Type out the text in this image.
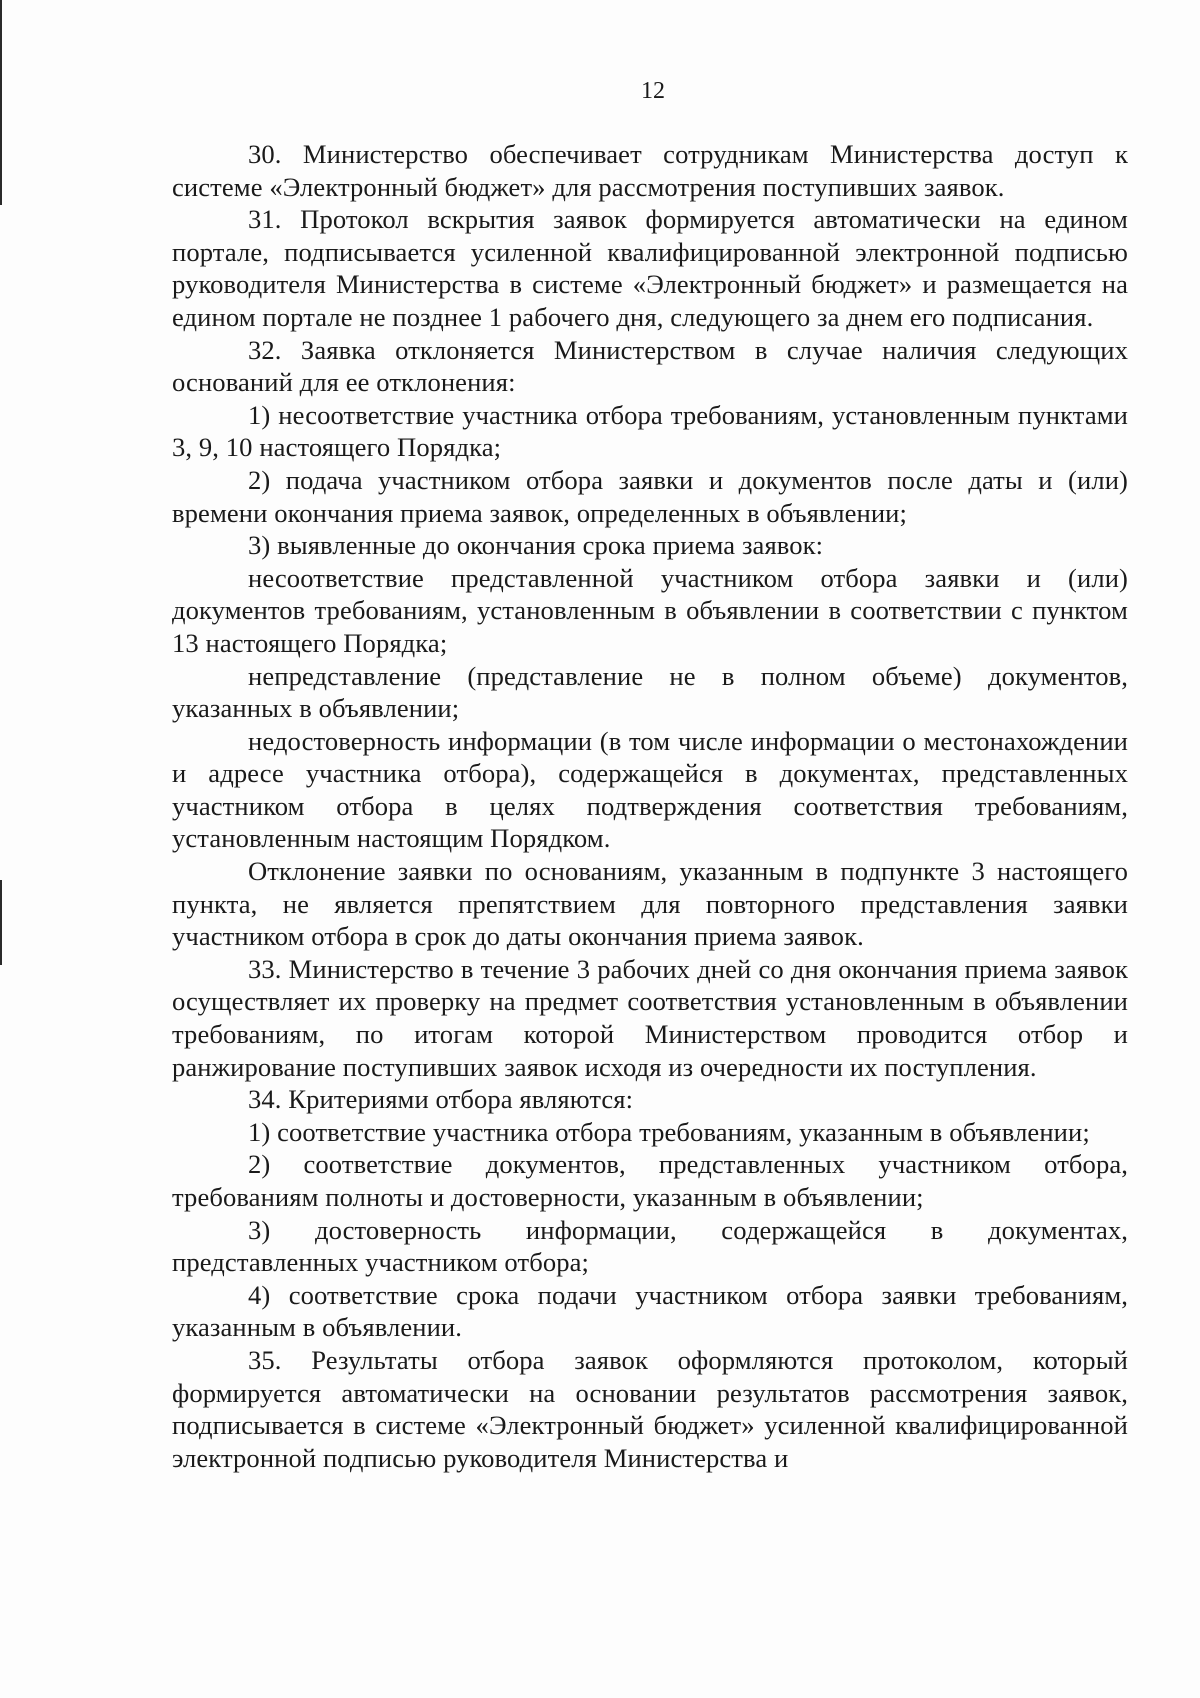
12

30. Министерство обеспечивает сотрудникам Министерства доступ к системе «Электронный бюджет» для рассмотрения поступивших заявок.

31. Протокол вскрытия заявок формируется автоматически на едином портале, подписывается усиленной квалифицированной электронной подписью руководителя Министерства в системе «Электронный бюджет» и размещается на едином портале не позднее 1 рабочего дня, следующего за днем его подписания.

32. Заявка отклоняется Министерством в случае наличия следующих оснований для ее отклонения:

1) несоответствие участника отбора требованиям, установленным пунктами 3, 9, 10 настоящего Порядка;

2) подача участником отбора заявки и документов после даты и (или) времени окончания приема заявок, определенных в объявлении;

3) выявленные до окончания срока приема заявок:

несоответствие представленной участником отбора заявки и (или) документов требованиям, установленным в объявлении в соответствии с пунктом 13 настоящего Порядка;

непредставление (представление не в полном объеме) документов, указанных в объявлении;

недостоверность информации (в том числе информации о местонахождении и адресе участника отбора), содержащейся в документах, представленных участником отбора в целях подтверждения соответствия требованиям, установленным настоящим Порядком.

Отклонение заявки по основаниям, указанным в подпункте 3 настоящего пункта, не является препятствием для повторного представления заявки участником отбора в срок до даты окончания приема заявок.

33. Министерство в течение 3 рабочих дней со дня окончания приема заявок осуществляет их проверку на предмет соответствия установленным в объявлении требованиям, по итогам которой Министерством проводится отбор и ранжирование поступивших заявок исходя из очередности их поступления.

34. Критериями отбора являются:

1) соответствие участника отбора требованиям, указанным в объявлении;

2) соответствие документов, представленных участником отбора, требованиям полноты и достоверности, указанным в объявлении;

3) достоверность информации, содержащейся в документах, представленных участником отбора;

4) соответствие срока подачи участником отбора заявки требованиям, указанным в объявлении.

35. Результаты отбора заявок оформляются протоколом, который формируется автоматически на основании результатов рассмотрения заявок, подписывается в системе «Электронный бюджет» усиленной квалифицированной электронной подписью руководителя Министерства и
